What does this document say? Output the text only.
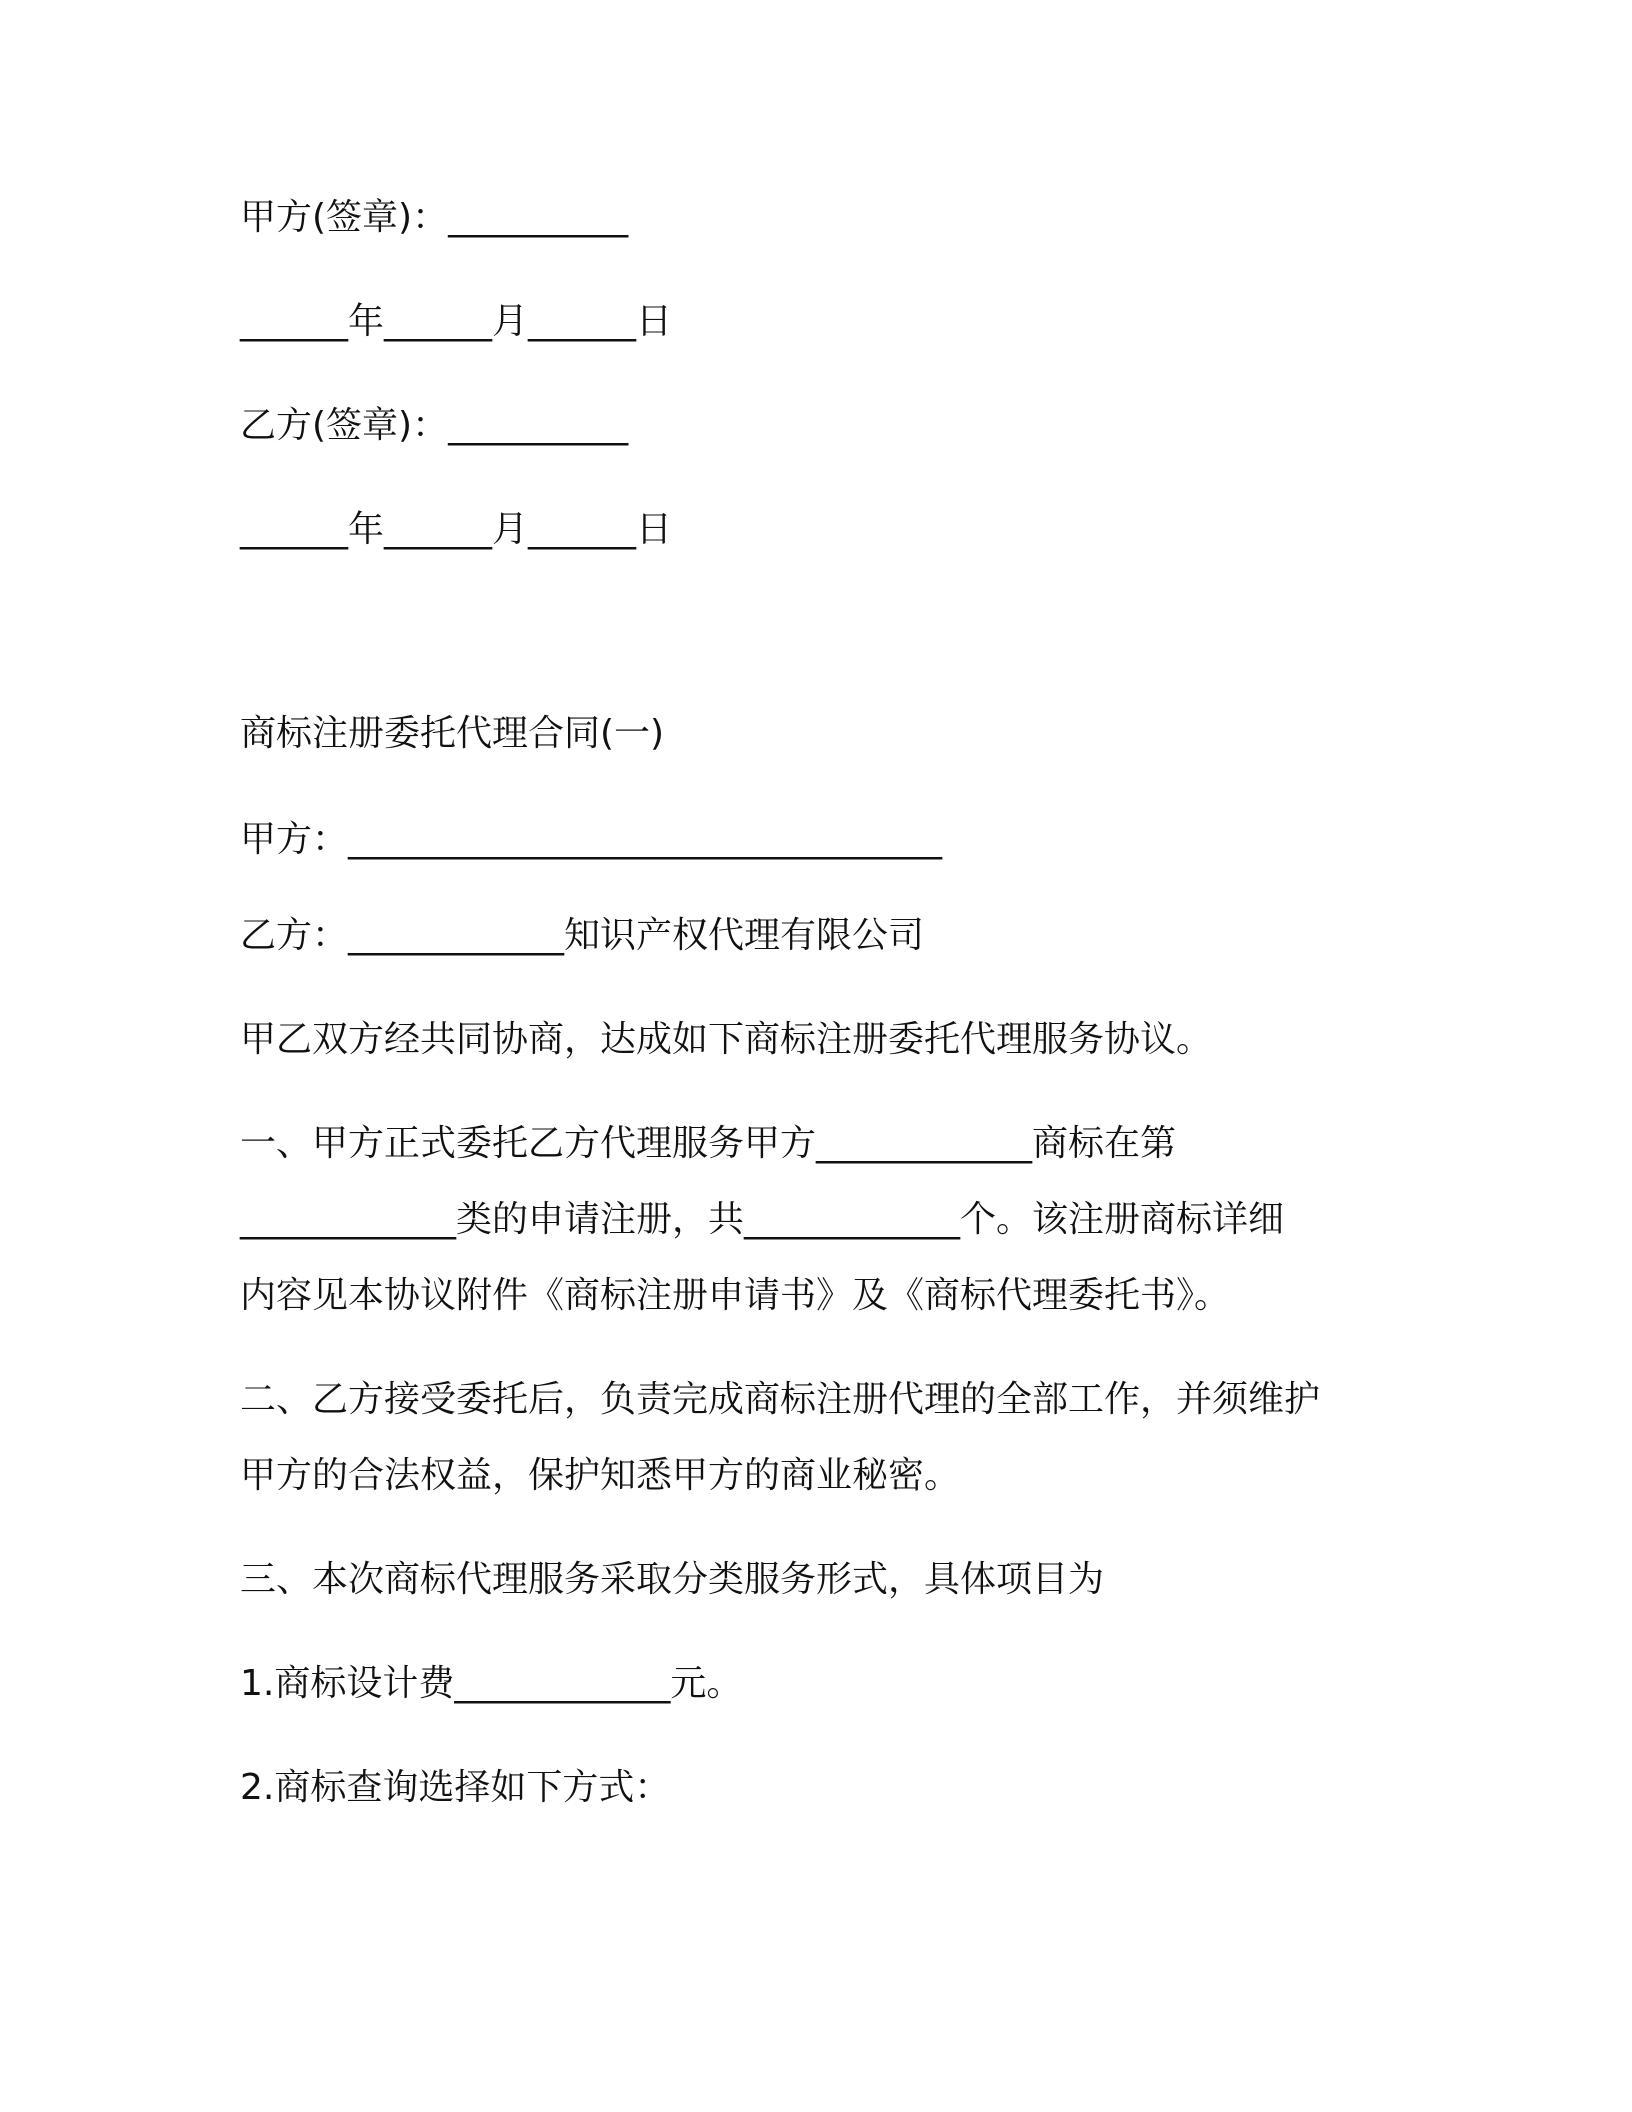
甲方(签章)：__________
______年______月______日
乙方(签章)：__________
______年______月______日
商标注册委托代理合同(一)
甲方：_________________________________
乙方：____________知识产权代理有限公司
甲乙双方经共同协商，达成如下商标注册委托代理服务协议。
一、甲方正式委托乙方代理服务甲方____________商标在第
____________类的申请注册，共____________个。该注册商标详细
内容见本协议附件《商标注册申请书》及《商标代理委托书》。
二、乙方接受委托后，负责完成商标注册代理的全部工作，并须维护
甲方的合法权益，保护知悉甲方的商业秘密。
三、本次商标代理服务采取分类服务形式，具体项目为
1.商标设计费____________元。
2.商标查询选择如下方式：
